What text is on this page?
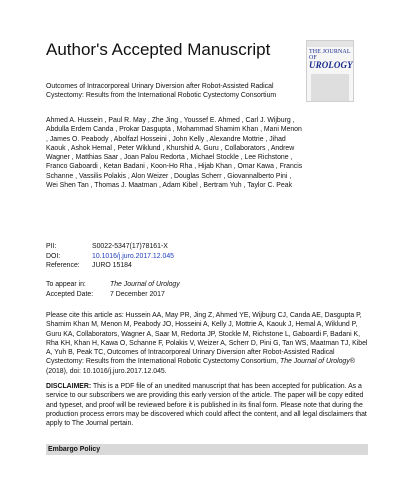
Author's Accepted Manuscript	THE JOURNAL OF
UROLOGY
Outcomes of Intracorporeal Urinary Diversion after Robot-Assisted Radical Cystectomy: Results from the International Robotic Cystectomy Consortium
Ahmed A. Hussein , Paul R. May , Zhe Jing , Youssef E. Ahmed , Carl J. Wijburg , Abdulla Erdem Canda , Prokar Dasgupta , Mohammad Shamim Khan , Mani Menon , James O. Peabody , Abolfazl Hosseini , John Kelly , Alexandre Mottrie , Jihad Kaouk , Ashok Hemal , Peter Wiklund , Khurshid A. Guru , Collaborators , Andrew Wagner , Matthias Saar , Joan Palou Redorta , Michael Stockle , Lee Richstone , Franco Gaboardi , Ketan Badani , Koon-Ho Rha , Hijab Khan , Omar Kawa , Francis Schanne , Vassilis Polakis , Alon Weizer , Douglas Scherr , Giovannalberto Pini , Wei Shen Tan , Thomas J. Maatman , Adam Kibel , Bertram Yuh , Taylor C. Peak
PII:	S0022-5347(17)78161-X
DOI:	10.1016/j.juro.2017.12.045
Reference:	JURO 15184
To appear in:	The Journal of Urology
Accepted Date:	7 December 2017
Please cite this article as: Hussein AA, May PR, Jing Z, Ahmed YE, Wijburg CJ, Canda AE, Dasgupta P, Shamim Khan M, Menon M, Peabody JO, Hosseini A, Kelly J, Mottrie A, Kaouk J, Hemal A, Wiklund P, Guru KA, Collaborators, Wagner A, Saar M, Redorta JP, Stockle M, Richstone L, Gaboardi F, Badani K, Rha KH, Khan H, Kawa O, Schanne F, Polakis V, Weizer A, Scherr D, Pini G, Tan WS, Maatman TJ, Kibel A, Yuh B, Peak TC, Outcomes of Intracorporeal Urinary Diversion after Robot-Assisted Radical Cystectomy: Results from the International Robotic Cystectomy Consortium, The Journal of Urology® (2018), doi: 10.1016/j.juro.2017.12.045.
DISCLAIMER: This is a PDF file of an unedited manuscript that has been accepted for publication. As a service to our subscribers we are providing this early version of the article. The paper will be copy edited and typeset, and proof will be reviewed before it is published in its final form. Please note that during the production process errors may be discovered which could affect the content, and all legal disclaimers that apply to The Journal pertain.
Embargo Policy
